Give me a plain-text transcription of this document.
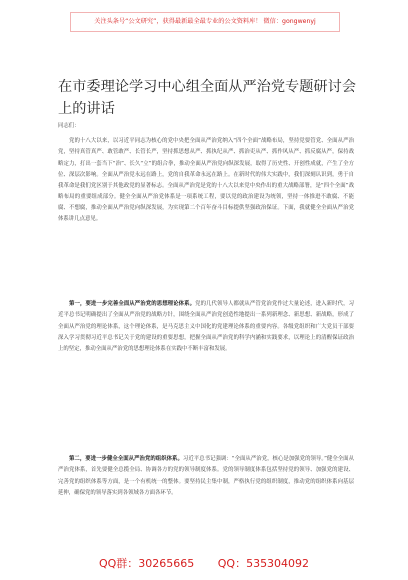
关注头条号“公文研究”，获得最新最全最专业的公文资料库！ 微信：gongwenyj
在市委理论学习中心组全面从严治党专题研讨会上的讲话
同志们：

党的十八大以来，以习近平同志为核心的党中央把全面从严治党纳入“四个全面”战略布局，坚持党要管党、全面从严治党，坚持真管真严、敢管敢严、长管长严，坚持抓思想从严、抓执纪从严、抓治吏从严、抓作风从严、抓反腐从严，保持战略定力，打出一套当下“治”、长久“立”的组合拳，推动全面从严治党向纵深发展，取得了历史性、开创性成就，产生了全方位、深层次影响。全面从严治党永远在路上，党的自我革命永远在路上。在新时代的伟大实践中，我们深刻认识到，勇于自我革命是我们党区别于其他政党的显著标志。全面从严治党是党的十八大以来党中央作出的重大战略部署，是“四个全面”战略布局的重要组成部分。健全全面从严治党体系是一项系统工程，要以党的政治建设为统领，坚持一体推进不敢腐、不能腐、不想腐，推动全面从严治党向纵深发展，为实现第二个百年奋斗目标提供坚强政治保证。下面，我就健全全面从严治党体系讲几点意见。

第一，要进一步完善全面从严治党的思想理论体系。党的几代领导人都就从严管党治党作过大量论述，进入新时代，习近平总书记明确提出了全面从严治党的战略方针，围绕全面从严治党创造性地提出一系列新理念、新思想、新战略，形成了全面从严治党的理论体系，这个理论体系，是马克思主义中国化的党建理论体系的重要内容。各级党组织和广大党员干部要深入学习贯彻习近平总书记关于党的建设的重要思想，把握全面从严治党的科学内涵和实践要求，以理论上的清醒保证政治上的坚定，推动全面从严治党的思想理论体系在实践中不断丰富和发展。

第二，要进一步健全全面从严治党的组织体系。习近平总书记强调：“全面从严治党，核心是加强党的领导。”健全全面从严治党体系，首先要健全总揽全局、协调各方的党的领导制度体系。党的领导制度体系包括坚持党的领导、加强党的建设、完善党的组织体系等方面，是一个有机统一的整体。要坚持民主集中制，严格执行党的组织制度，推动党的组织体系向基层延伸，确保党的领导落实到各领域各方面各环节。

QQ群：30265665 QQ：535304092
